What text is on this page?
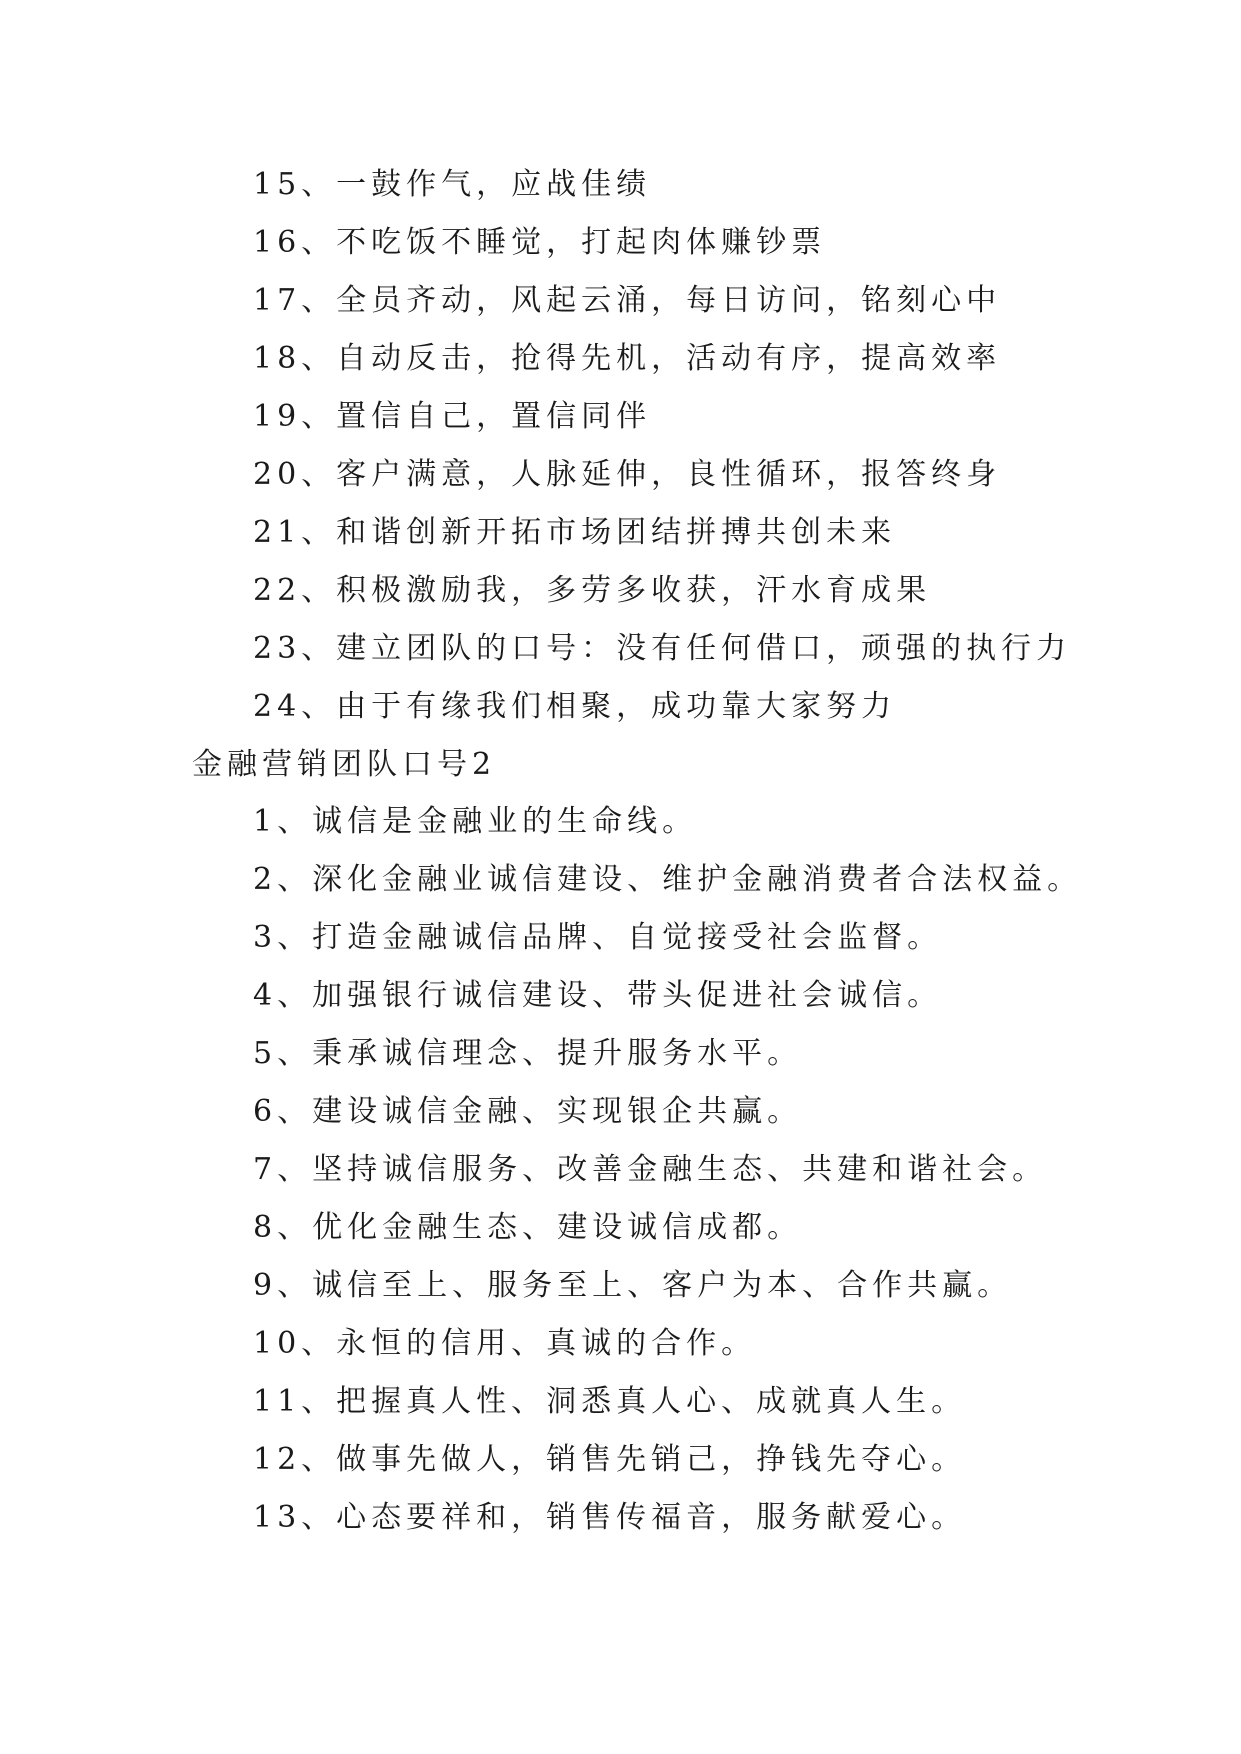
15、一鼓作气，应战佳绩
16、不吃饭不睡觉，打起肉体赚钞票
17、全员齐动，风起云涌，每日访问，铭刻心中
18、自动反击，抢得先机，活动有序，提高效率
19、置信自己，置信同伴
20、客户满意，人脉延伸，良性循环，报答终身
21、和谐创新开拓市场团结拼搏共创未来
22、积极激励我，多劳多收获，汗水育成果
23、建立团队的口号：没有任何借口，顽强的执行力
24、由于有缘我们相聚，成功靠大家努力
金融营销团队口号2
1、诚信是金融业的生命线。
2、深化金融业诚信建设、维护金融消费者合法权益。
3、打造金融诚信品牌、自觉接受社会监督。
4、加强银行诚信建设、带头促进社会诚信。
5、秉承诚信理念、提升服务水平。
6、建设诚信金融、实现银企共赢。
7、坚持诚信服务、改善金融生态、共建和谐社会。
8、优化金融生态、建设诚信成都。
9、诚信至上、服务至上、客户为本、合作共赢。
10、永恒的信用、真诚的合作。
11、把握真人性、洞悉真人心、成就真人生。
12、做事先做人，销售先销己，挣钱先夺心。
13、心态要祥和，销售传福音，服务献爱心。
